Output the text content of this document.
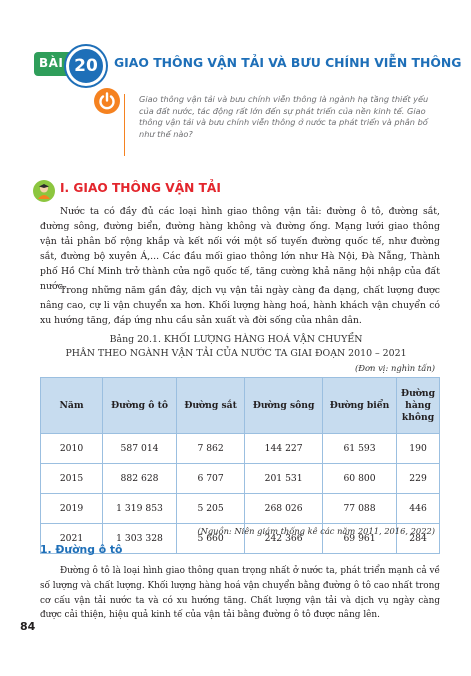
BÀI 20	GIAO THÔNG VẬN TẢI VÀ BƯU CHÍNH VIỄN THÔNG

Giao thông vận tải và bưu chính viễn thông là ngành hạ tầng thiết yếu của đất nước, tác động rất lớn đến sự phát triển của nền kinh tế. Giao thông vận tải và bưu chính viễn thông ở nước ta phát triển và phân bố như thế nào?

I. GIAO THÔNG VẬN TẢI

Nước ta có đầy đủ các loại hình giao thông vận tải: đường ô tô, đường sắt, đường sông, đường biển, đường hàng không và đường ống. Mạng lưới giao thông vận tải phân bố rộng khắp và kết nối với một số tuyến đường quốc tế, như đường sắt, đường bộ xuyên Á,... Các đầu mối giao thông lớn như Hà Nội, Đà Nẵng, Thành phố Hồ Chí Minh trở thành cửa ngõ quốc tế, tăng cường khả năng hội nhập của đất nước.

Trong những năm gần đây, dịch vụ vận tải ngày càng đa dạng, chất lượng được nâng cao, cự li vận chuyển xa hơn. Khối lượng hàng hoá, hành khách vận chuyển có xu hướng tăng, đáp ứng nhu cầu sản xuất và đời sống của nhân dân.

Bảng 20.1. KHỐI LƯỢNG HÀNG HOÁ VẬN CHUYỂN
PHÂN THEO NGÀNH VẬN TẢI CỦA NƯỚC TA GIAI ĐOẠN 2010 – 2021
(Đơn vị: nghìn tấn)
Năm	Đường ô tô	Đường sắt	Đường sông	Đường biển	Đường hàng không
2010	587 014	7 862	144 227	61 593	190
2015	882 628	6 707	201 531	60 800	229
2019	1 319 853	5 205	268 026	77 088	446
2021	1 303 328	5 660	242 366	69 961	284
(Nguồn: Niên giám thống kê các năm 2011, 2016, 2022)
1. Đường ô tô

Đường ô tô là loại hình giao thông quan trọng nhất ở nước ta, phát triển mạnh cả về số lượng và chất lượng. Khối lượng hàng hoá vận chuyển bằng đường ô tô cao nhất trong cơ cấu vận tải nước ta và có xu hướng tăng. Chất lượng vận tải và dịch vụ ngày càng được cải thiện, hiệu quả kinh tế của vận tải bằng đường ô tô được nâng lên.

84
